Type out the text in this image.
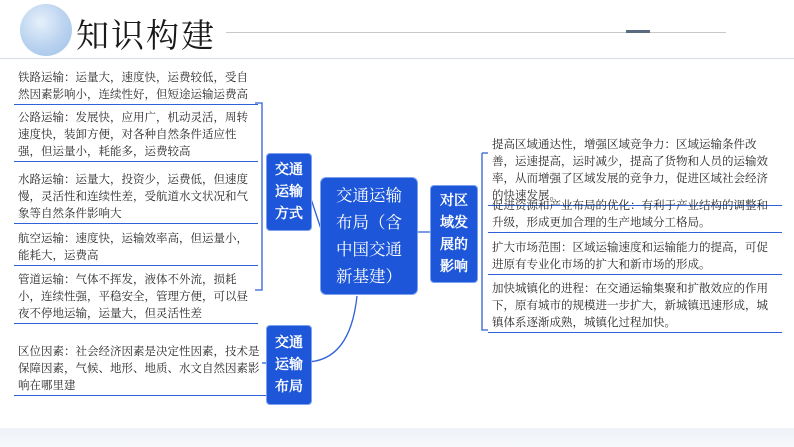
知识构建
铁路运输：运量大，速度快，运费较低，受自然因素影响小，连续性好，但短途运输运费高
公路运输：发展快，应用广，机动灵活，周转速度快，装卸方便，对各种自然条件适应性强，但运量小，耗能多，运费较高
水路运输：运量大，投资少，运费低，但速度慢，灵活性和连续性差，受航道水文状况和气象等自然条件影响大
航空运输：速度快，运输效率高，但运量小，能耗大，运费高
管道运输：气体不挥发，液体不外流，损耗小，连续性强，平稳安全，管理方便，可以昼夜不停地运输，运量大，但灵活性差
区位因素：社会经济因素是决定性因素，技术是保障因素，气候、地形、地质、水文自然因素影响在哪里建
交通
运输
方式
交通
运输
布局
交通运输
布局（含
中国交通
新基建）
对区
域发
展的
影响
提高区域通达性，增强区域竞争力：区域运输条件改善，运速提高，运时减少，提高了货物和人员的运输效率，从而增强了区域发展的竞争力，促进区域社会经济的快速发展。
促进资源和产业布局的优化：有利于产业结构的调整和升级，形成更加合理的生产地域分工格局。
扩大市场范围：区域运输速度和运输能力的提高，可促进原有专业化市场的扩大和新市场的形成。
加快城镇化的进程：在交通运输集聚和扩散效应的作用下，原有城市的规模进一步扩大，新城镇迅速形成，城镇体系逐渐成熟，城镇化过程加快。
